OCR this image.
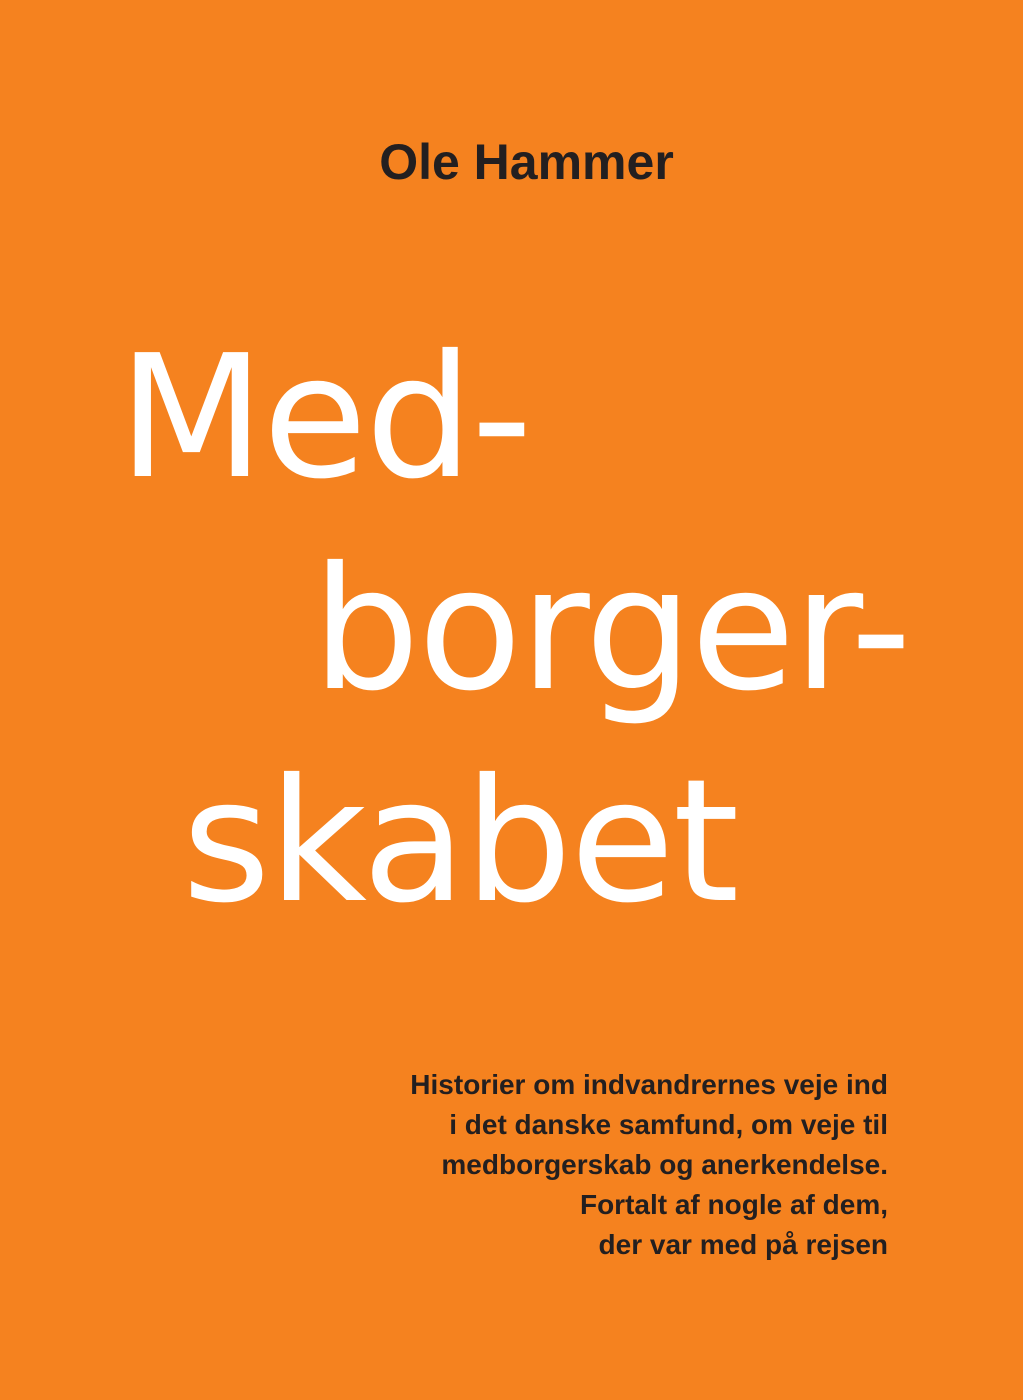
Ole Hammer
Med-
borger-
skabet
Historier om indvandrernes veje ind
i det danske samfund, om veje til
medborgerskab og anerkendelse.
Fortalt af nogle af dem,
der var med på rejsen
